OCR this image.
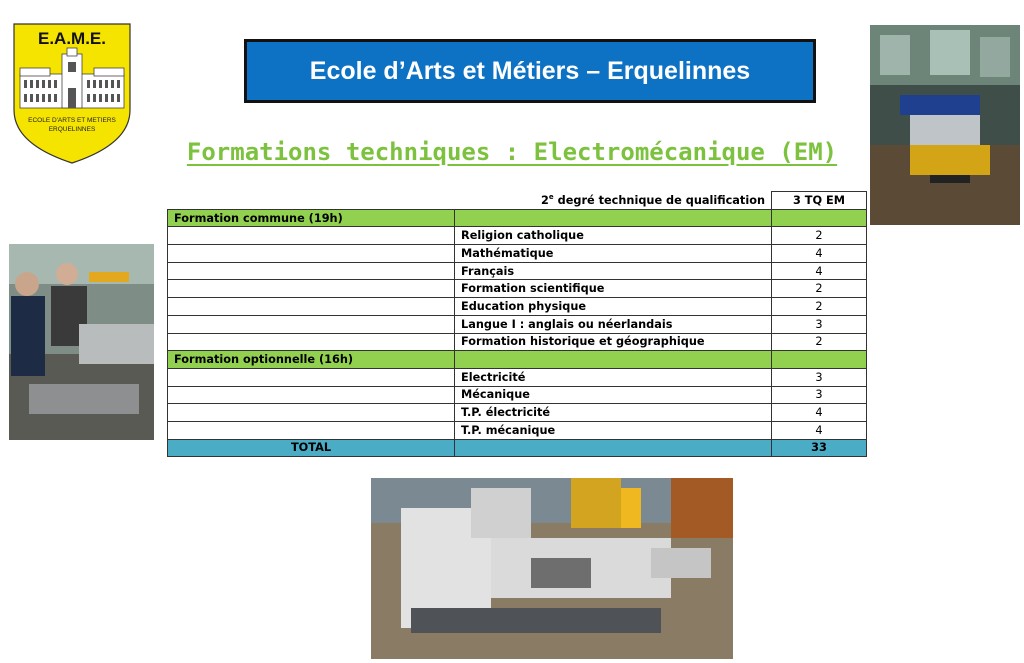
E.A.M.E.
ECOLE D'ARTS ET METIERS
ERQUELINNES
Ecole d’Arts et Métiers – Erquelinnes
Formations techniques : Electromécanique (EM)
	2e degré technique de qualification	3 TQ EM
Formation commune (19h)		
	Religion catholique	2
	Mathématique	4
	Français	4
	Formation scientifique	2
	Education physique	2
	Langue I : anglais ou néerlandais	3
	Formation historique et géographique	2
Formation optionnelle (16h)		
	Electricité	3
	Mécanique	3
	T.P. électricité	4
	T.P. mécanique	4
TOTAL		33
